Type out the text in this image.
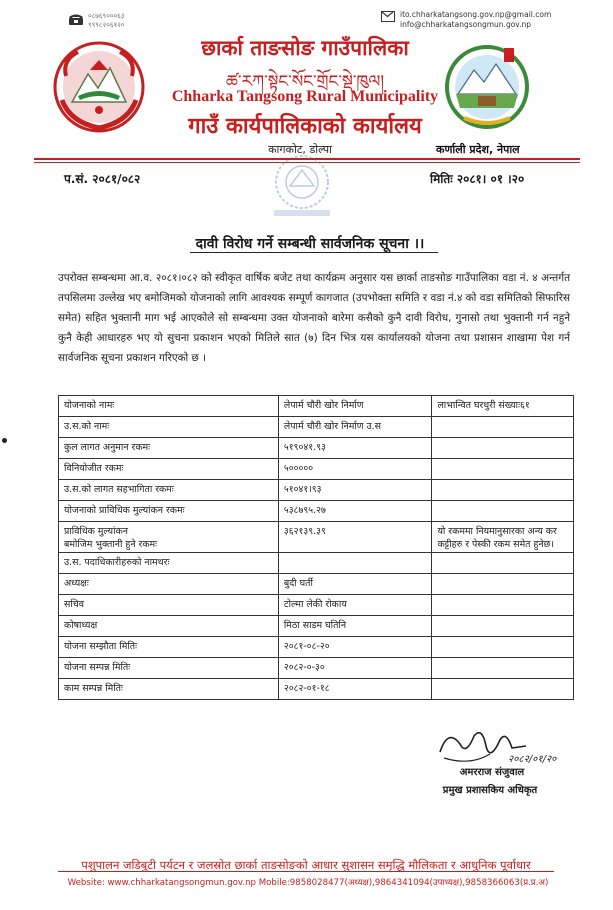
०८७६९०००६३
९९९८२०६१२०
ito.chharkatangsong.gov.np@gmail.com
info@chharkatangsongmun.gov.np
छार्का ताङसोङ गाउँपालिका
ཚ་རཀ་སྟེང་སོང་གྲོང་སྡེ་ཁུལ།
Chharka Tangsong Rural Municipality
गाउँ कार्यपालिकाको कार्यालय
कागकोट, डोल्पा	कर्णाली प्रदेश, नेपाल
प.सं. २०८१/०८२	मितिः २०८१। ०१ ।२०
दावी विरोध गर्ने सम्बन्धी सार्वजनिक सूचना ।।
उपरोक्त सम्बन्धमा आ.व. २०८१।०८२ को स्वीकृत वार्षिक बजेट तथा कार्यक्रम अनुसार यस छार्का ताङसोङ गाउँपालिका वडा नं. ४ अन्तर्गत तपसिलमा उल्लेख भए बमोजिमको योजनाको लागि आवश्यक सम्पूर्ण कागजात (उपभोक्ता समिति र वडा नं.४ को वडा समितिको सिफारिस समेत) सहित भुक्तानी माग भई आएकोले सो सम्बन्धमा उक्त योजनाको बारेमा कसैको कुनै दावी विरोध, गुनासो तथा भुक्तानी गर्न नहुने कुनै केही आधारहरु भए यो सुचना प्रकाशन भएको मितिले सात (७) दिन भित्र यस कार्यालयको योजना तथा प्रशासन शाखामा पेश गर्न सार्वजनिक सूचना प्रकाशन गरिएको छ ।
योजनाको नामः	लेपार्म चौरी खोर निर्माण	लाभान्वित घरधुरी संख्याः६१
उ.स.को नामः	लेपार्म चौरी खोर निर्माण उ.स	
कुल लागत अनुमान रकमः	५१९०४१.९३	
विनियोजीत रकमः	५०००००	
उ.स.को लागत सहभागिता रकमः	५१०४१।९३	
योजनाको प्राविधिक मुल्यांकन रकमः	५३८७९५.२७	
प्राविधिक मुल्यांकन
बमोजिम भुक्तानी हुने रकमः	३६२१३९.३९	यो रकममा नियमानुसारका अन्य कर कट्टीहरु र पेस्की रकम समेत हुनेछ।
उ.स. पदाधिकारीहरुको नामथरः		
अध्यक्षः	बुदी घर्ती	
सचिव	टोल्मा लेकी रोकाय	
कोषाध्यक्ष	मिठा साडम घतिनि	
योजना सम्झौता मितिः	२०८१-०८-२०	
योजना सम्पन्न मितिः	२०८२-०-३०	
काम सम्पन्न मितिः	२०८२-०१-१८	
२०८२/०१/२०
अमरराज संजुवाल
प्रमुख प्रशासकिय अधिकृत
पशुपालन जडिबुटी पर्यटन र जलस्रोत छार्का ताङसोङको आधार सुशासन समृद्धि मौलिकता र आधुनिक पूर्वाधार
Website: www.chharkatangsongmun.gov.np Mobile:9858028477(अध्यक्ष),9864341094(उपाध्यक्ष),9858366063(प्र.प्र.अ)
